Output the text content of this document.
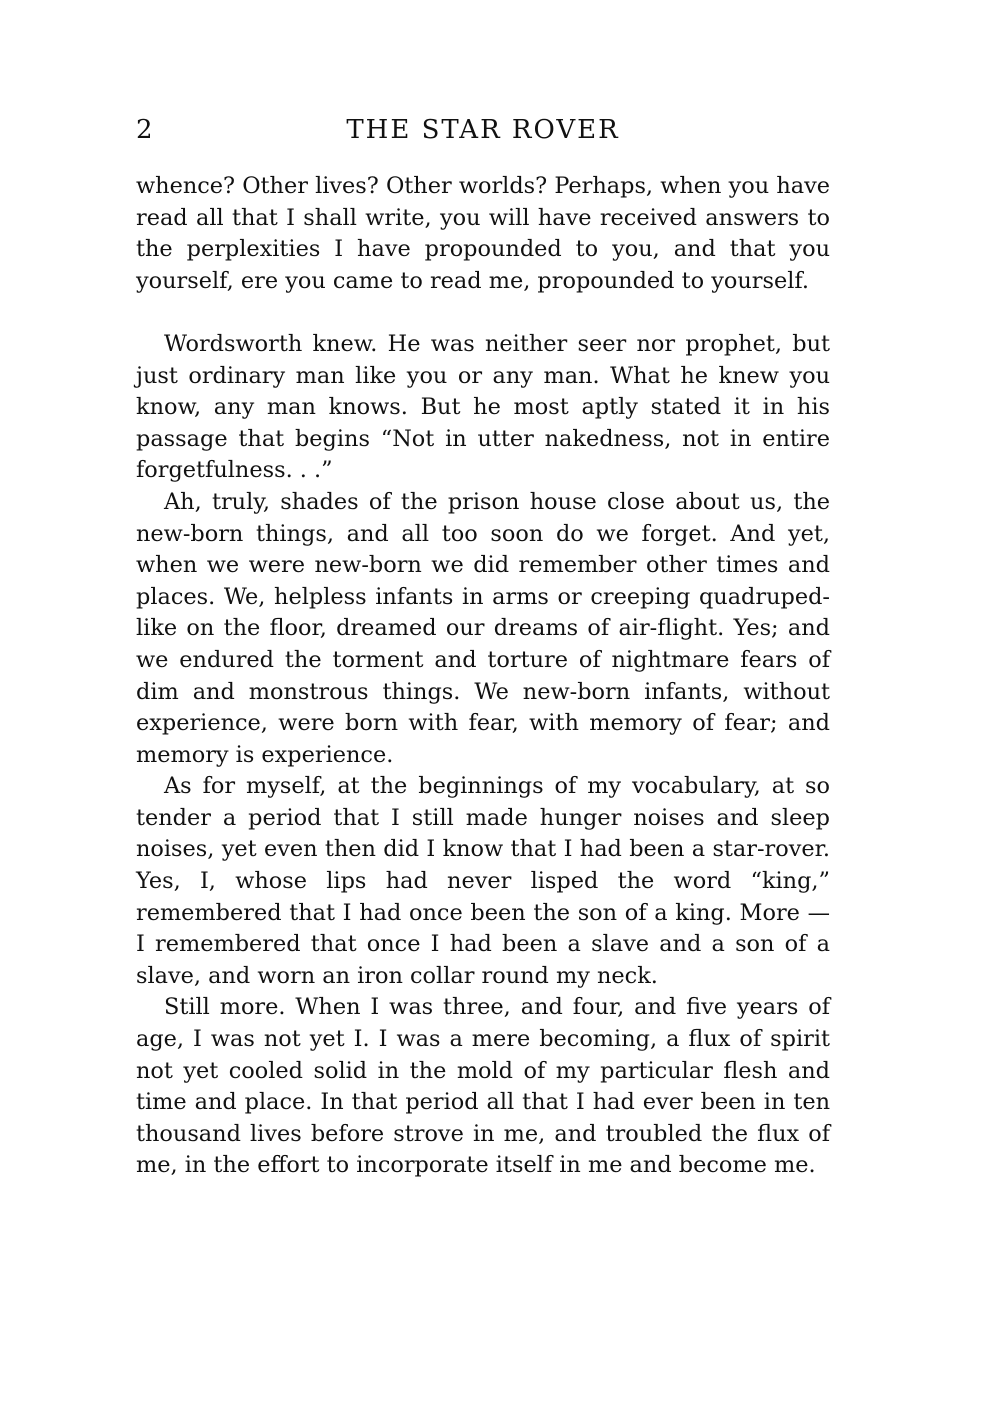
2	THE STAR ROVER

whence? Other lives? Other worlds? Perhaps, when you have read all that I shall write, you will have received answers to the perplexities I have propounded to you, and that you yourself, ere you came to read me, propounded to yourself.

Wordsworth knew. He was neither seer nor prophet, but just ordinary man like you or any man. What he knew you know, any man knows. But he most aptly stated it in his passage that begins “Not in utter nakedness, not in entire forgetfulness. . .”

Ah, truly, shades of the prison house close about us, the new-born things, and all too soon do we forget. And yet, when we were new-born we did remember other times and places. We, helpless infants in arms or creeping quadruped-like on the floor, dreamed our dreams of air-flight. Yes; and we endured the torment and torture of nightmare fears of dim and monstrous things. We new-born infants, without experience, were born with fear, with memory of fear; and memory is experience.

As for myself, at the beginnings of my vocabulary, at so tender a period that I still made hunger noises and sleep noises, yet even then did I know that I had been a star-rover. Yes, I, whose lips had never lisped the word “king,” remembered that I had once been the son of a king. More — I remembered that once I had been a slave and a son of a slave, and worn an iron collar round my neck.

Still more. When I was three, and four, and five years of age, I was not yet I. I was a mere becoming, a flux of spirit not yet cooled solid in the mold of my particular flesh and time and place. In that period all that I had ever been in ten thousand lives before strove in me, and troubled the flux of me, in the effort to incorporate itself in me and become me.
